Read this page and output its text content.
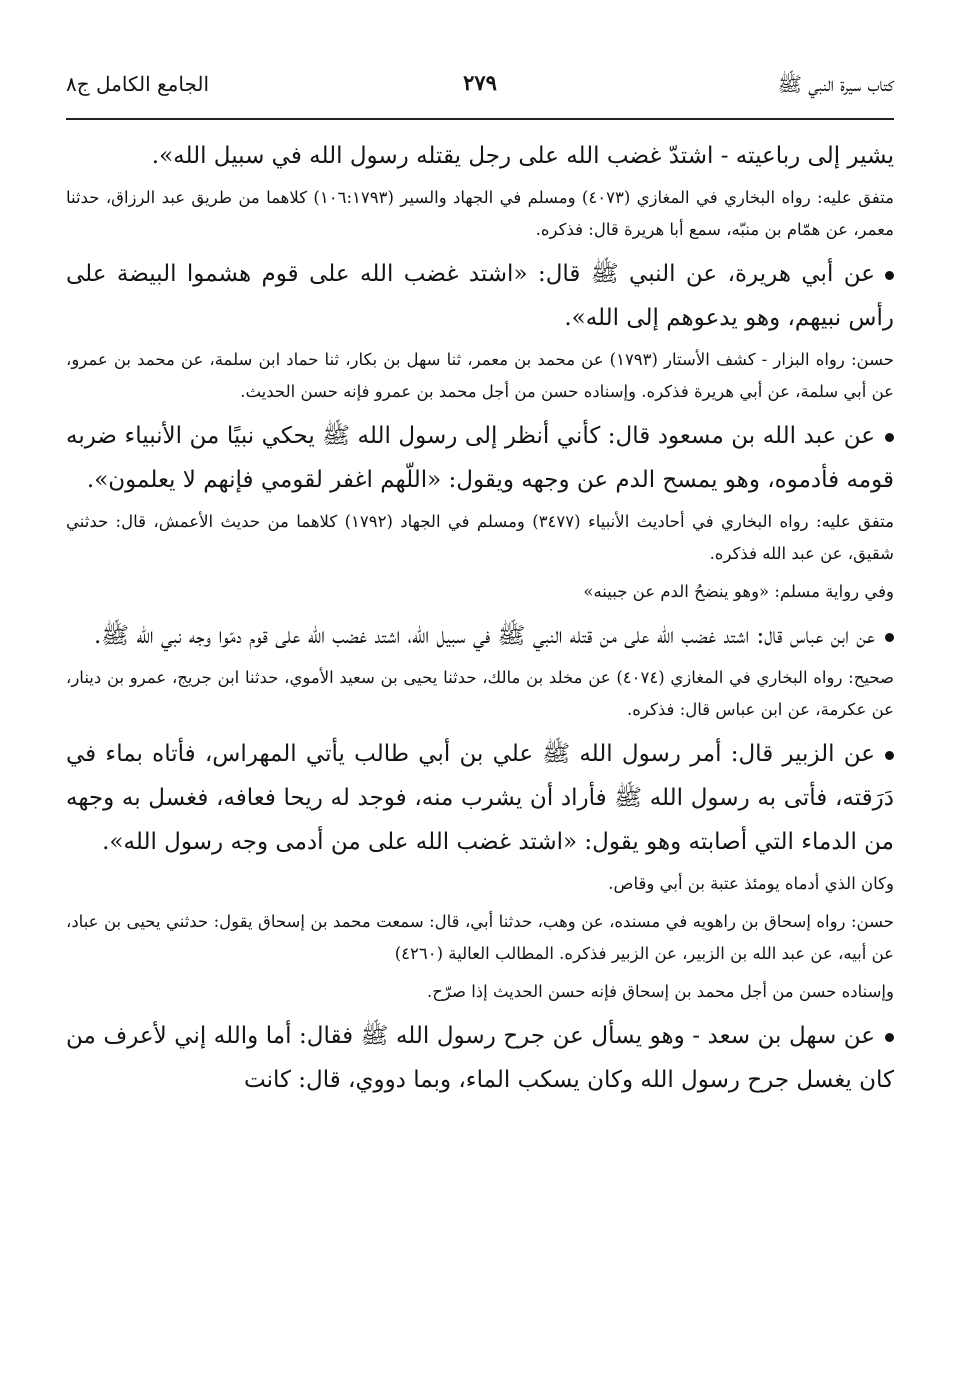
كتاب سيرة النبي ﷺ
٢٧٩
الجامع الكامل ج٨

يشير إلى رباعيته - اشتدّ غضب الله على رجل يقتله رسول الله في سبيل الله».

متفق عليه: رواه البخاري في المغازي (٤٠٧٣) ومسلم في الجهاد والسير (١٠٦:١٧٩٣) كلاهما من طريق عبد الرزاق، حدثنا معمر، عن همّام بن منبّه، سمع أبا هريرة قال: فذكره.

عن أبي هريرة، عن النبي ﷺ قال: «اشتد غضب الله على قوم هشموا البيضة على رأس نبيهم، وهو يدعوهم إلى الله».

حسن: رواه البزار - كشف الأستار (١٧٩٣) عن محمد بن معمر، ثنا سهل بن بكار، ثنا حماد ابن سلمة، عن محمد بن عمرو، عن أبي سلمة، عن أبي هريرة فذكره. وإسناده حسن من أجل محمد بن عمرو فإنه حسن الحديث.

عن عبد الله بن مسعود قال: كأني أنظر إلى رسول الله ﷺ يحكي نبيًا من الأنبياء ضربه قومه فأدموه، وهو يمسح الدم عن وجهه ويقول: «اللّهم اغفر لقومي فإنهم لا يعلمون».

متفق عليه: رواه البخاري في أحاديث الأنبياء (٣٤٧٧) ومسلم في الجهاد (١٧٩٢) كلاهما من حديث الأعمش، قال: حدثني شقيق، عن عبد الله فذكره.

وفي رواية مسلم: «وهو ينضحُ الدم عن جبينه»

عن ابن عباس قال: اشتد غضب الله على من قتله النبي ﷺ في سبيل الله، اشتد غضب الله على قوم دمّوا وجه نبي الله ﷺ.

صحيح: رواه البخاري في المغازي (٤٠٧٤) عن مخلد بن مالك، حدثنا يحيى بن سعيد الأموي، حدثنا ابن جريج، عمرو بن دينار، عن عكرمة، عن ابن عباس قال: فذكره.

عن الزبير قال: أمر رسول الله ﷺ علي بن أبي طالب يأتي المهراس، فأتاه بماء في دَرَقته، فأتى به رسول الله ﷺ فأراد أن يشرب منه، فوجد له ريحا فعافه، فغسل به وجهه من الدماء التي أصابته وهو يقول: «اشتد غضب الله على من أدمى وجه رسول الله».

وكان الذي أدماه يومئذ عتبة بن أبي وقاص.

حسن: رواه إسحاق بن راهويه في مسنده، عن وهب، حدثنا أبي، قال: سمعت محمد بن إسحاق يقول: حدثني يحيى بن عباد، عن أبيه، عن عبد الله بن الزبير، عن الزبير فذكره. المطالب العالية (٤٢٦٠)

وإسناده حسن من أجل محمد بن إسحاق فإنه حسن الحديث إذا صرّح.

عن سهل بن سعد - وهو يسأل عن جرح رسول الله ﷺ فقال: أما والله إني لأعرف من كان يغسل جرح رسول الله وكان يسكب الماء، وبما دووي، قال: كانت
